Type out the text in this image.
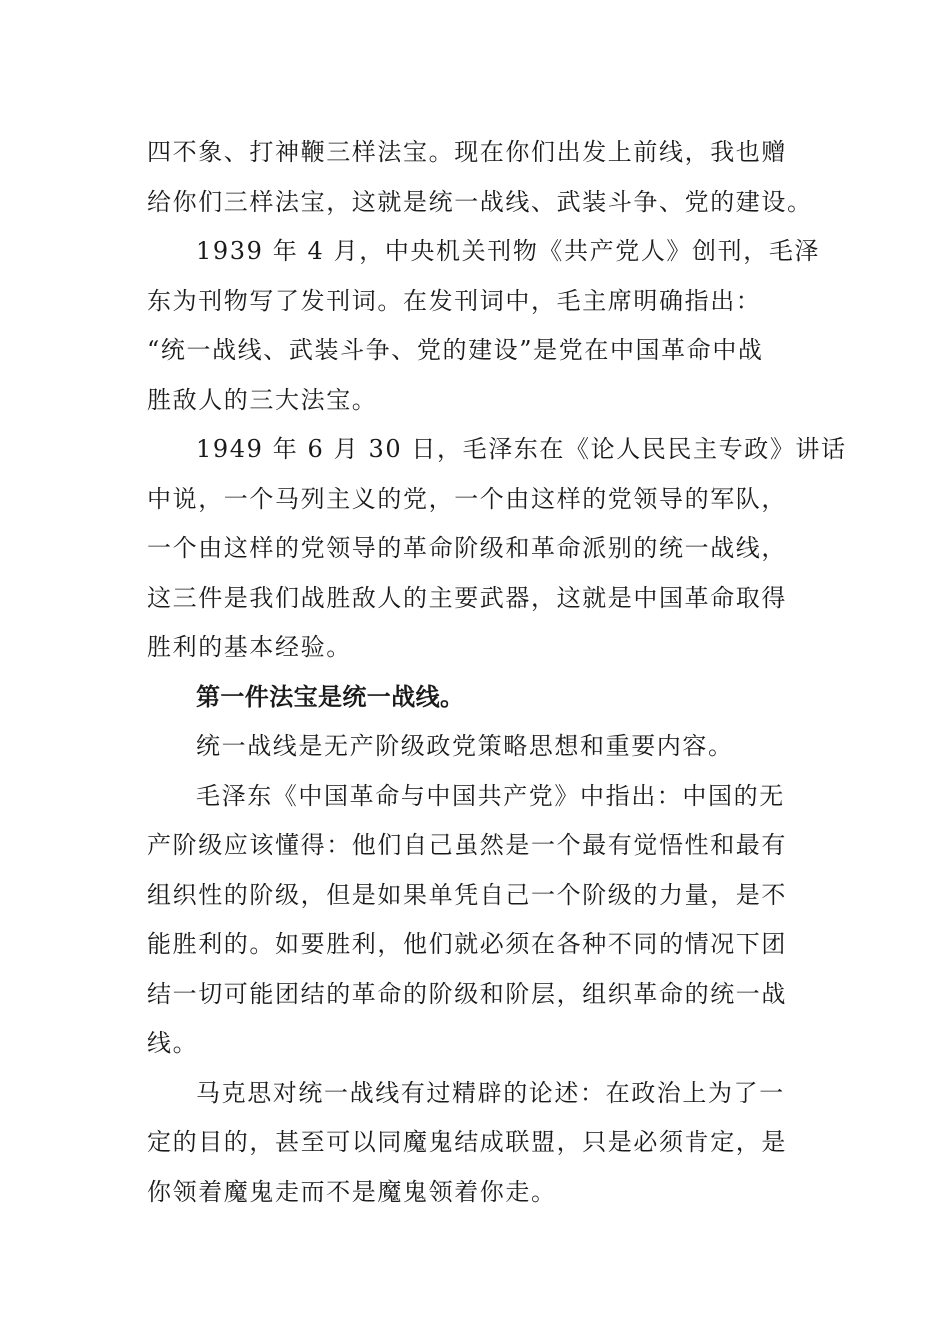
四不象、打神鞭三样法宝。现在你们出发上前线，我也赠
给你们三样法宝，这就是统一战线、武装斗争、党的建设。

1939 年 4 月，中央机关刊物《共产党人》创刊，毛泽
东为刊物写了发刊词。在发刊词中，毛主席明确指出：
“统一战线、武装斗争、党的建设”是党在中国革命中战
胜敌人的三大法宝。

1949 年 6 月 30 日，毛泽东在《论人民民主专政》讲话
中说，一个马列主义的党，一个由这样的党领导的军队，
一个由这样的党领导的革命阶级和革命派别的统一战线，
这三件是我们战胜敌人的主要武器，这就是中国革命取得
胜利的基本经验。

第一件法宝是统一战线。

统一战线是无产阶级政党策略思想和重要内容。

毛泽东《中国革命与中国共产党》中指出：中国的无
产阶级应该懂得：他们自己虽然是一个最有觉悟性和最有
组织性的阶级，但是如果单凭自己一个阶级的力量，是不
能胜利的。如要胜利，他们就必须在各种不同的情况下团
结一切可能团结的革命的阶级和阶层，组织革命的统一战
线。

马克思对统一战线有过精辟的论述：在政治上为了一
定的目的，甚至可以同魔鬼结成联盟，只是必须肯定，是
你领着魔鬼走而不是魔鬼领着你走。
